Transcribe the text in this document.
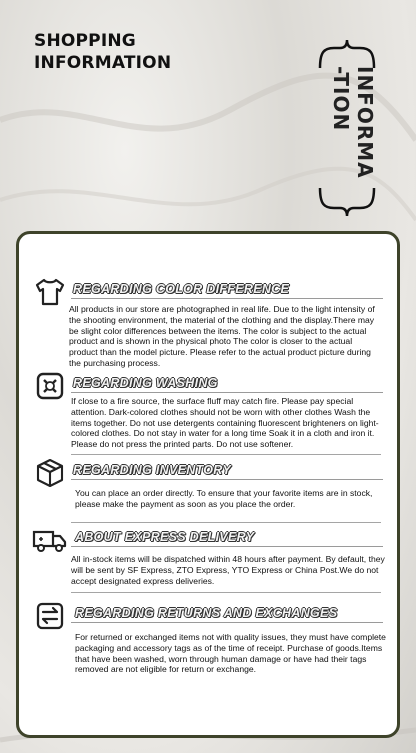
SHOPPING
INFORMATION
INFORMA
-TION
REGARDING COLOR DIFFERENCE

All products in our store are photographed in real life. Due to the light intensity of the shooting environment, the material of the clothing and the display.There may be slight color differences between the items. The color is subject to the actual product and is shown in the physical photo The color is closer to the actual product than the model picture. Please refer to the actual product picture during the purchasing process.

REGARDING WASHING

If close to a fire source, the surface fluff may catch fire. Please pay special attention. Dark-colored clothes should not be worn with other clothes Wash the items together. Do not use detergents containing fluorescent brighteners on light-colored clothes. Do not stay in water for a long time Soak it in a cloth and iron it. Please do not press the printed parts. Do not use softener.

REGARDING INVENTORY

You can place an order directly. To ensure that your favorite items are in stock, please make the payment as soon as you place the order.

ABOUT EXPRESS DELIVERY

All in-stock items will be dispatched within 48 hours after payment. By default, they will be sent by SF Express, ZTO Express, YTO Express or China Post.We do not accept designated express deliveries.

REGARDING RETURNS AND EXCHANGES

For returned or exchanged items not with quality issues, they must have complete packaging and accessory tags as of the time of receipt. Purchase of goods.Items that have been washed, worn through human damage or have had their tags removed are not eligible for return or exchange.
